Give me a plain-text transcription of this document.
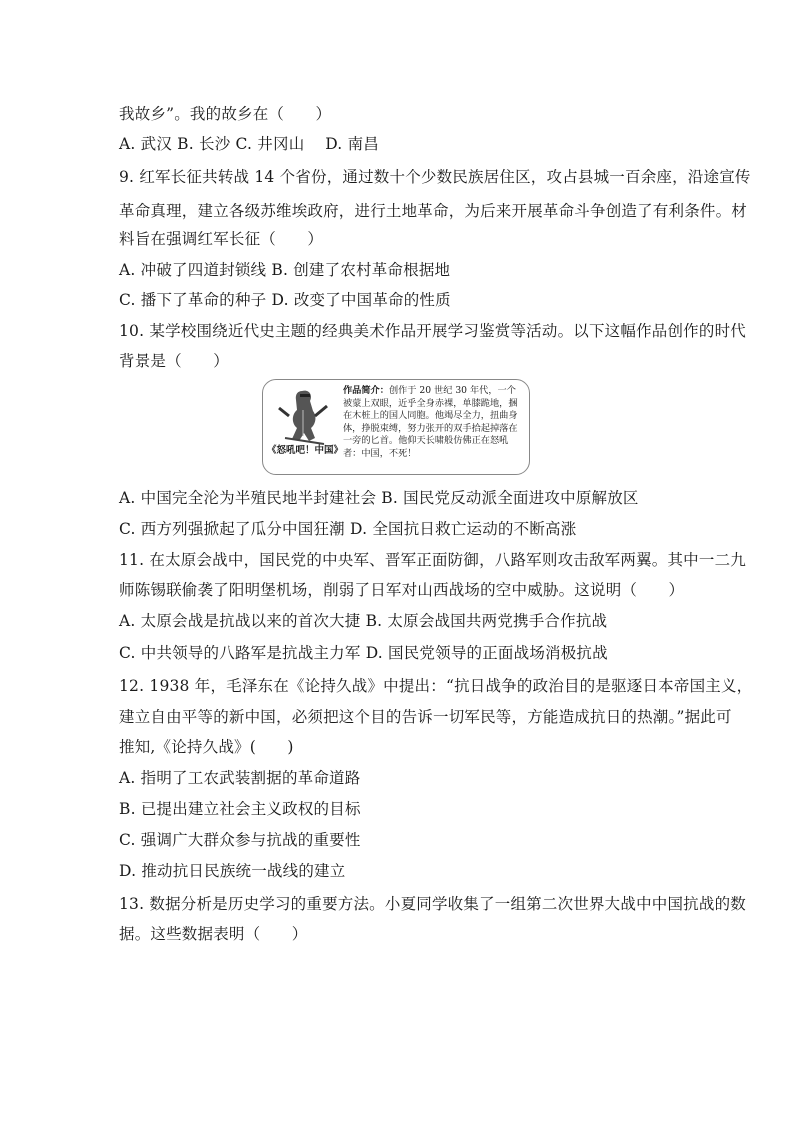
我故乡”。我的故乡在（　　）
A. 武汉 B. 长沙 C. 井冈山　 D. 南昌
9. 红军长征共转战 14 个省份，通过数十个少数民族居住区，攻占县城一百余座，沿途宣传
革命真理，建立各级苏维埃政府，进行土地革命，为后来开展革命斗争创造了有利条件。材
料旨在强调红军长征（　　）
A. 冲破了四道封锁线 B. 创建了农村革命根据地
C. 播下了革命的种子 D. 改变了中国革命的性质
10. 某学校围绕近代史主题的经典美术作品开展学习鉴赏等活动。以下这幅作品创作的时代
背景是（　　）
《怒吼吧！中国》
作品简介：创作于 20 世纪 30 年代，一个被蒙上双眼，近乎全身赤裸，单膝跪地，捆在木桩上的国人同胞。他竭尽全力，扭曲身体，挣脱束缚，努力张开的双手拾起掉落在一旁的匕首。他仰天长啸般仿佛正在怒吼者：中国，不死！
A. 中国完全沦为半殖民地半封建社会 B. 国民党反动派全面进攻中原解放区
C. 西方列强掀起了瓜分中国狂潮 D. 全国抗日救亡运动的不断高涨
11. 在太原会战中，国民党的中央军、晋军正面防御，八路军则攻击敌军两翼。其中一二九
师陈锡联偷袭了阳明堡机场，削弱了日军对山西战场的空中威胁。这说明（　　）
A. 太原会战是抗战以来的首次大捷 B. 太原会战国共两党携手合作抗战
C. 中共领导的八路军是抗战主力军 D. 国民党领导的正面战场消极抗战
12. 1938 年，毛泽东在《论持久战》中提出：“抗日战争的政治目的是驱逐日本帝国主义，
建立自由平等的新中国，必须把这个目的告诉一切军民等，方能造成抗日的热潮。”据此可
推知,《论持久战》(　　)
A. 指明了工农武装割据的革命道路
B. 已提出建立社会主义政权的目标
C. 强调广大群众参与抗战的重要性
D. 推动抗日民族统一战线的建立
13. 数据分析是历史学习的重要方法。小夏同学收集了一组第二次世界大战中中国抗战的数
据。这些数据表明（　　）
